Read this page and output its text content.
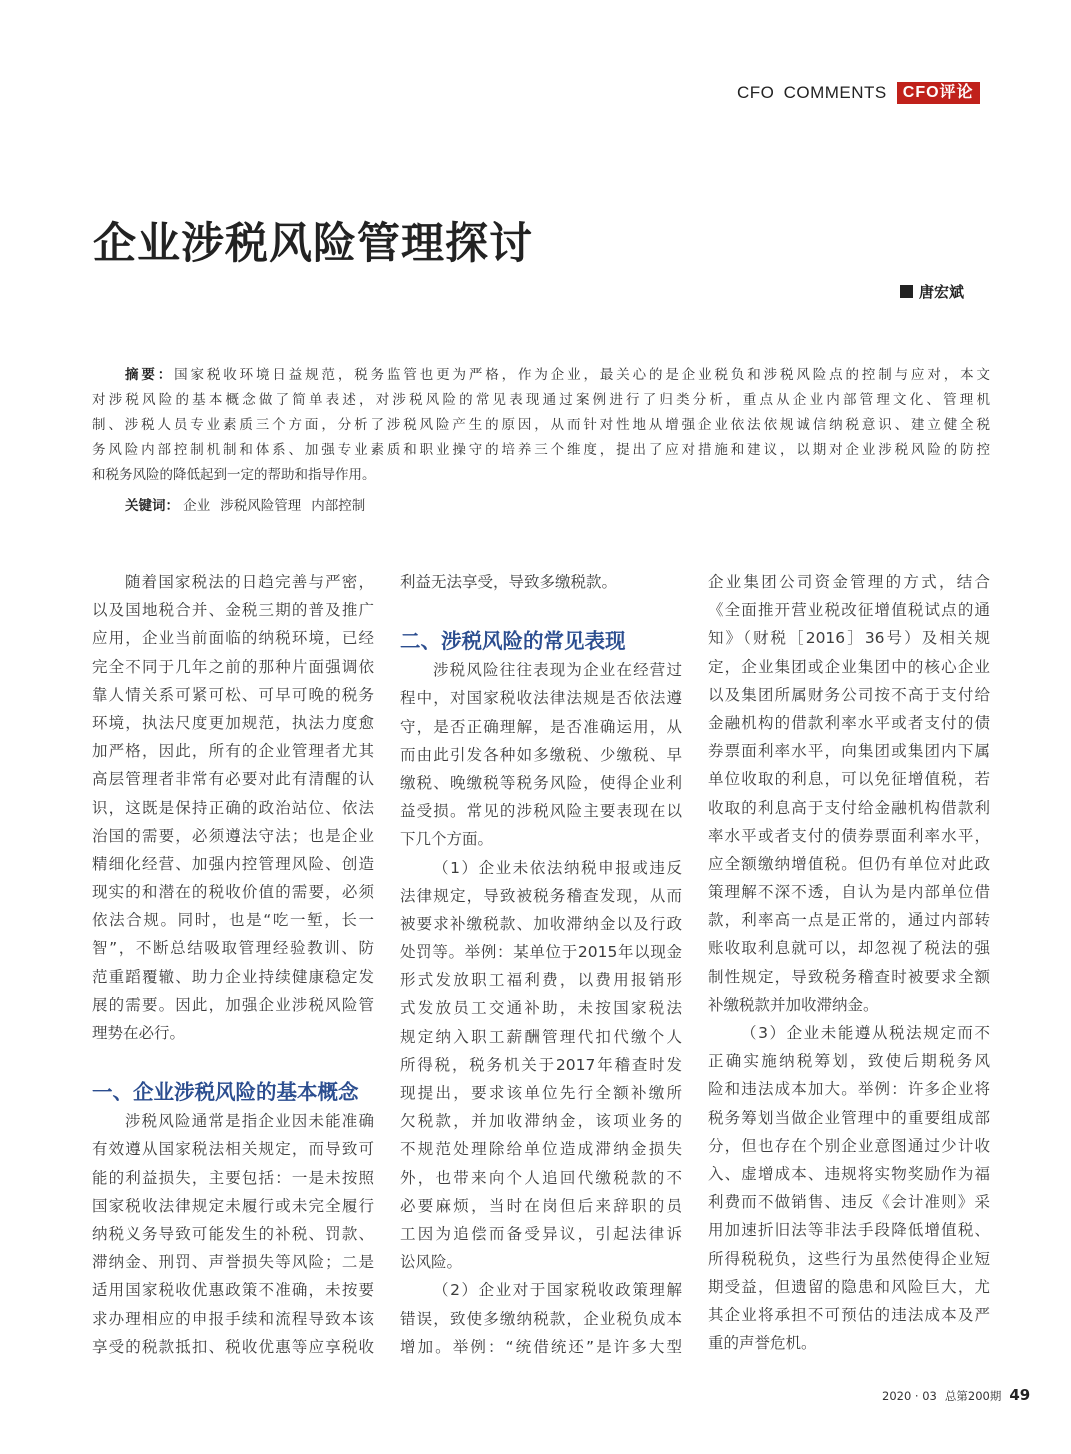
CFO COMMENTS	CFO评论
企业涉税风险管理探讨
唐宏斌
摘要：国家税收环境日益规范，税务监管也更为严格，作为企业，最关心的是企业税负和涉税风险点的控制与应对，本文
对涉税风险的基本概念做了简单表述，对涉税风险的常见表现通过案例进行了归类分析，重点从企业内部管理文化、管理机
制、涉税人员专业素质三个方面，分析了涉税风险产生的原因，从而针对性地从增强企业依法依规诚信纳税意识、建立健全税
务风险内部控制机制和体系、加强专业素质和职业操守的培养三个维度，提出了应对措施和建议，以期对企业涉税风险的防控
和税务风险的降低起到一定的帮助和指导作用。
关键词： 企业 涉税风险管理 内部控制
随着国家税法的日趋完善与严密，
以及国地税合并、金税三期的普及推广
应用，企业当前面临的纳税环境，已经
完全不同于几年之前的那种片面强调依
靠人情关系可紧可松、可早可晚的税务
环境，执法尺度更加规范，执法力度愈
加严格，因此，所有的企业管理者尤其
高层管理者非常有必要对此有清醒的认
识，这既是保持正确的政治站位、依法
治国的需要，必须遵法守法；也是企业
精细化经营、加强内控管理风险、创造
现实的和潜在的税收价值的需要，必须
依法合规。同时，也是“吃一堑，长一
智”，不断总结吸取管理经验教训、防
范重蹈覆辙、助力企业持续健康稳定发
展的需要。因此，加强企业涉税风险管
理势在必行。
一、企业涉税风险的基本概念
涉税风险通常是指企业因未能准确
有效遵从国家税法相关规定，而导致可
能的利益损失，主要包括：一是未按照
国家税收法律规定未履行或未完全履行
纳税义务导致可能发生的补税、罚款、
滞纳金、刑罚、声誉损失等风险；二是
适用国家税收优惠政策不准确，未按要
求办理相应的申报手续和流程导致本该
享受的税款抵扣、税收优惠等应享税收
利益无法享受，导致多缴税款。
二、涉税风险的常见表现
涉税风险往往表现为企业在经营过
程中，对国家税收法律法规是否依法遵
守，是否正确理解，是否准确运用，从
而由此引发各种如多缴税、少缴税、早
缴税、晚缴税等税务风险，使得企业利
益受损。常见的涉税风险主要表现在以
下几个方面。
（1）企业未依法纳税申报或违反
法律规定，导致被税务稽查发现，从而
被要求补缴税款、加收滞纳金以及行政
处罚等。举例：某单位于2015年以现金
形式发放职工福利费，以费用报销形
式发放员工交通补助，未按国家税法
规定纳入职工薪酬管理代扣代缴个人
所得税，税务机关于2017年稽查时发
现提出，要求该单位先行全额补缴所
欠税款，并加收滞纳金，该项业务的
不规范处理除给单位造成滞纳金损失
外，也带来向个人追回代缴税款的不
必要麻烦，当时在岗但后来辞职的员
工因为追偿而备受异议，引起法律诉
讼风险。
（2）企业对于国家税收政策理解
错误，致使多缴纳税款，企业税负成本
增加。举例：“统借统还”是许多大型
企业集团公司资金管理的方式，结合
《全面推开营业税改征增值税试点的通
知》（财税［2016］36号）及相关规
定，企业集团或企业集团中的核心企业
以及集团所属财务公司按不高于支付给
金融机构的借款利率水平或者支付的债
券票面利率水平，向集团或集团内下属
单位收取的利息，可以免征增值税，若
收取的利息高于支付给金融机构借款利
率水平或者支付的债券票面利率水平，
应全额缴纳增值税。但仍有单位对此政
策理解不深不透，自认为是内部单位借
款，利率高一点是正常的，通过内部转
账收取利息就可以，却忽视了税法的强
制性规定，导致税务稽查时被要求全额
补缴税款并加收滞纳金。
（3）企业未能遵从税法规定而不
正确实施纳税筹划，致使后期税务风
险和违法成本加大。举例：许多企业将
税务筹划当做企业管理中的重要组成部
分，但也存在个别企业意图通过少计收
入、虚增成本、违规将实物奖励作为福
利费而不做销售、违反《会计准则》采
用加速折旧法等非法手段降低增值税、
所得税税负，这些行为虽然使得企业短
期受益，但遗留的隐患和风险巨大，尤
其企业将承担不可预估的违法成本及严
重的声誉危机。
2020 · 03 总第200期 49
